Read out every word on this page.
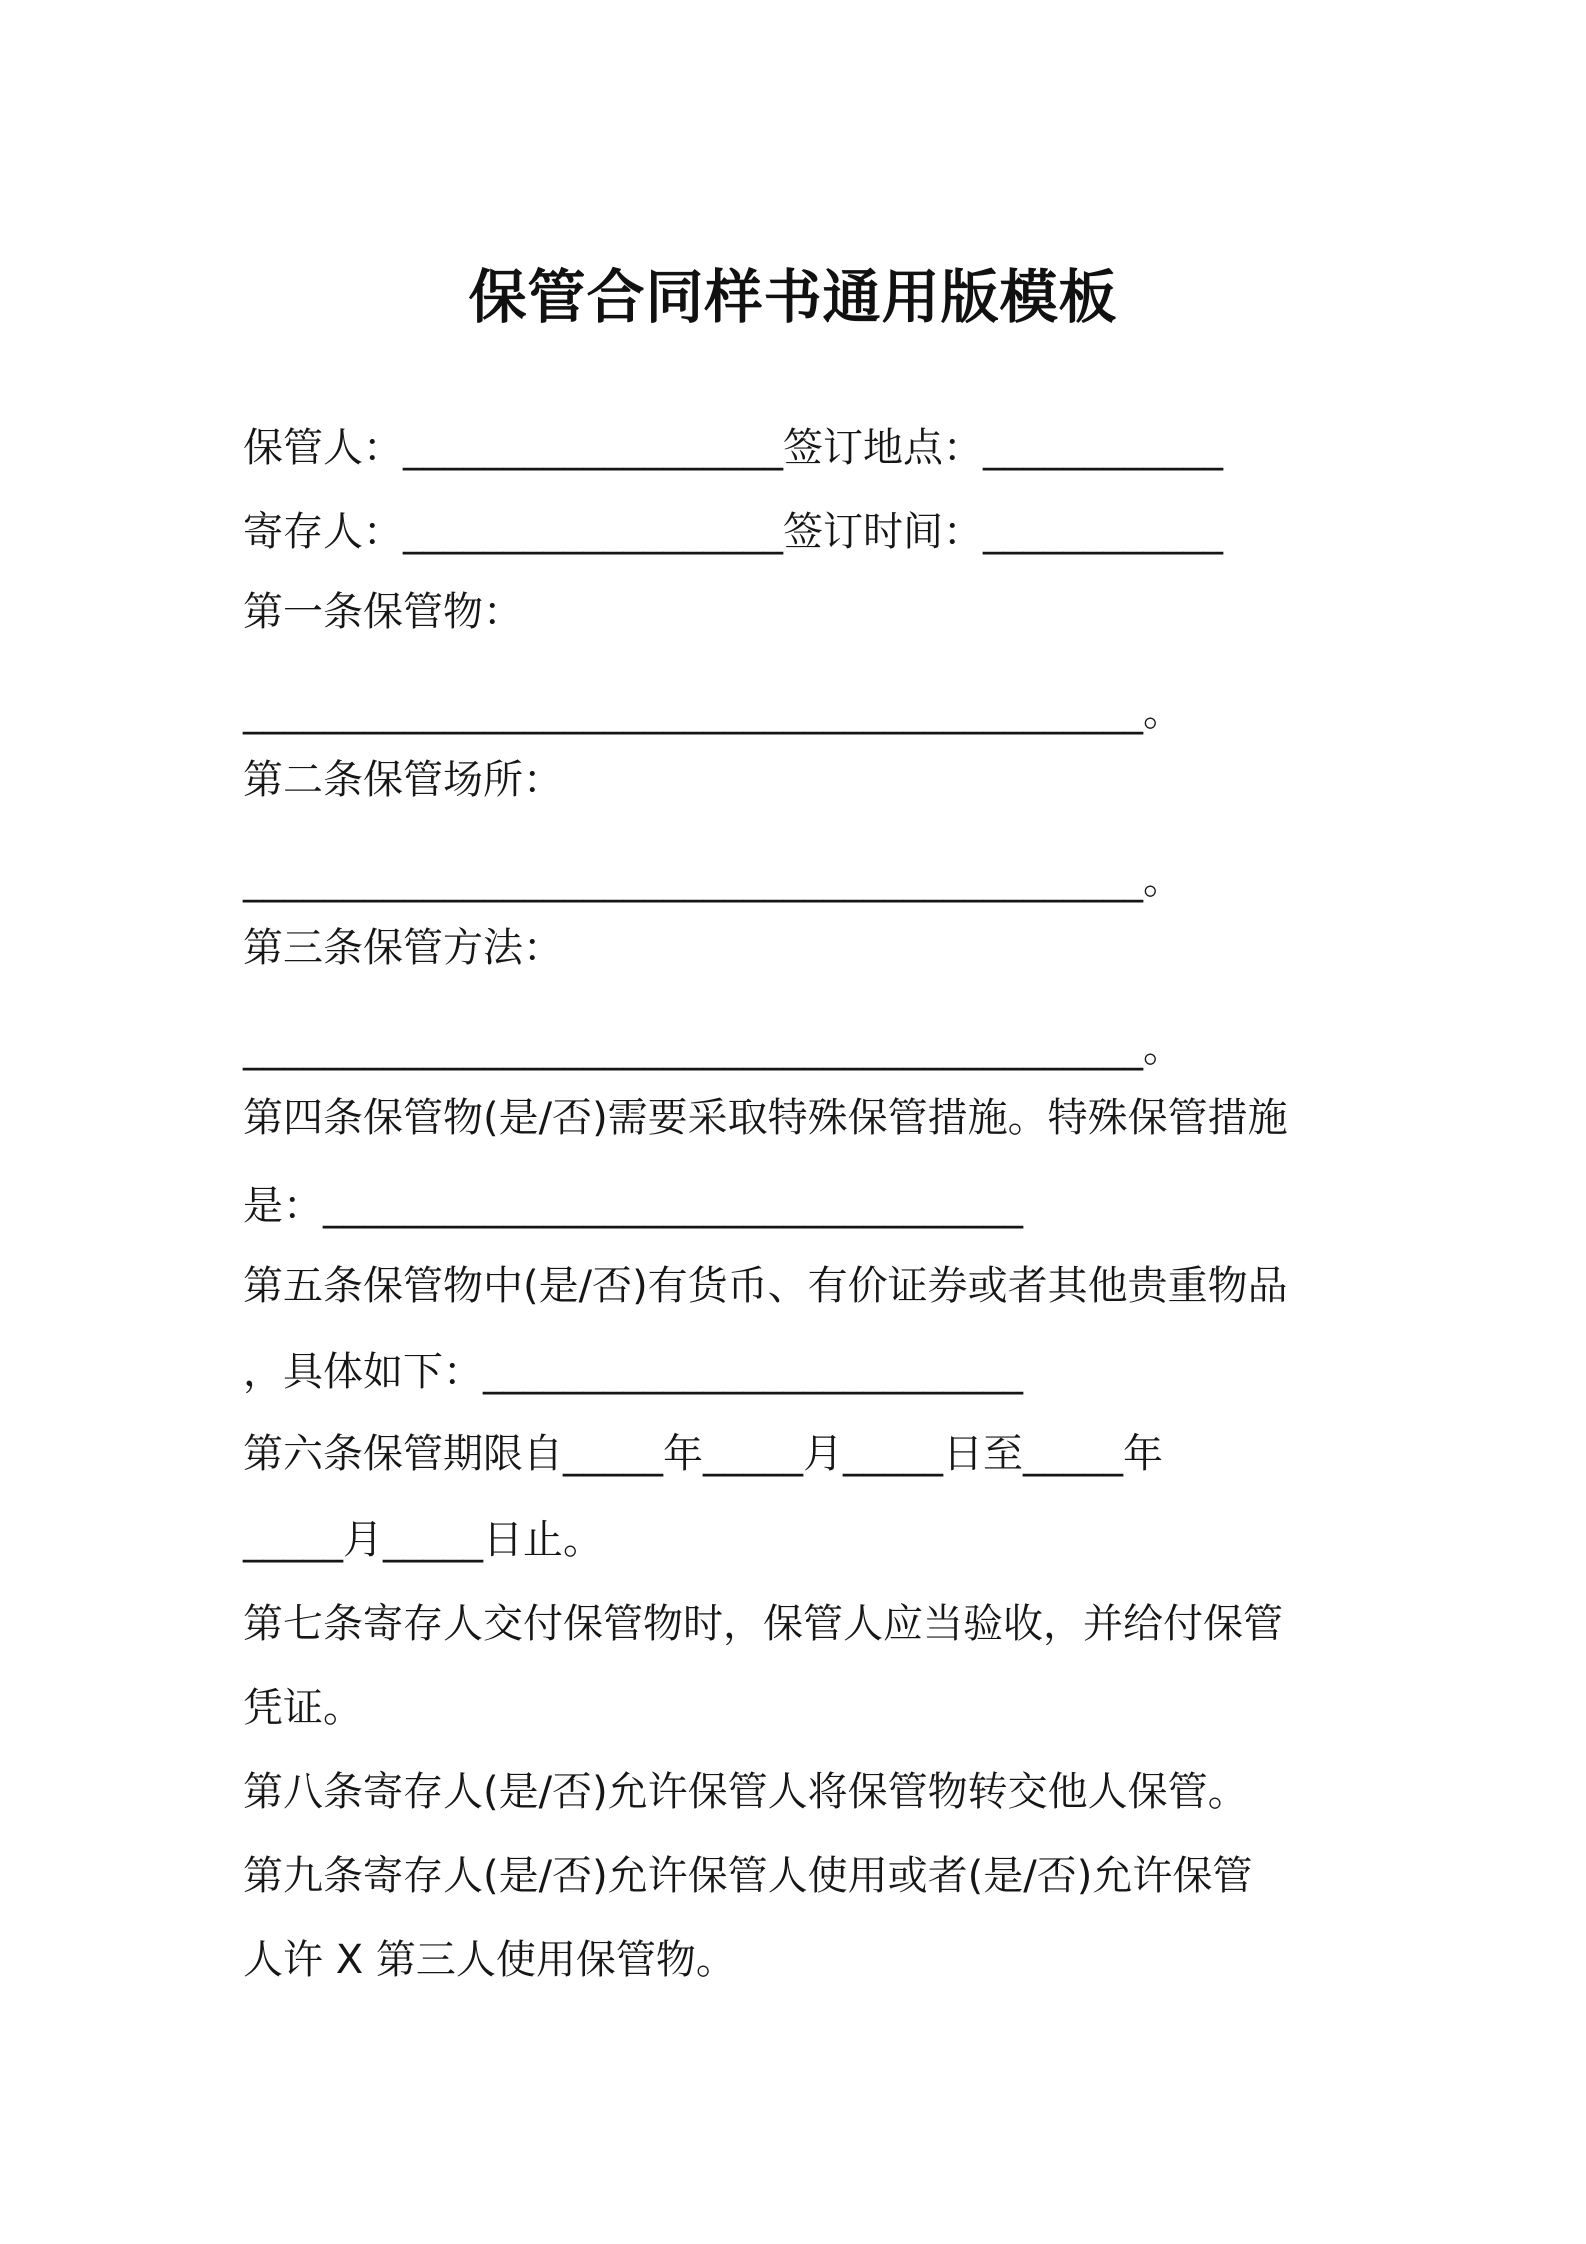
保管合同样书通用版模板
保管人：___________________签订地点：____________
寄存人：___________________签订时间：____________
第一条保管物：
_____________________________________________。
第二条保管场所：
_____________________________________________。
第三条保管方法：
_____________________________________________。
第四条保管物(是/否)需要采取特殊保管措施。特殊保管措施
是：___________________________________
第五条保管物中(是/否)有货币、有价证券或者其他贵重物品
，具体如下：___________________________
第六条保管期限自_____年_____月_____日至_____年
_____月_____日止。
第七条寄存人交付保管物时，保管人应当验收，并给付保管
凭证。
第八条寄存人(是/否)允许保管人将保管物转交他人保管。
第九条寄存人(是/否)允许保管人使用或者(是/否)允许保管
人许 X 第三人使用保管物。
